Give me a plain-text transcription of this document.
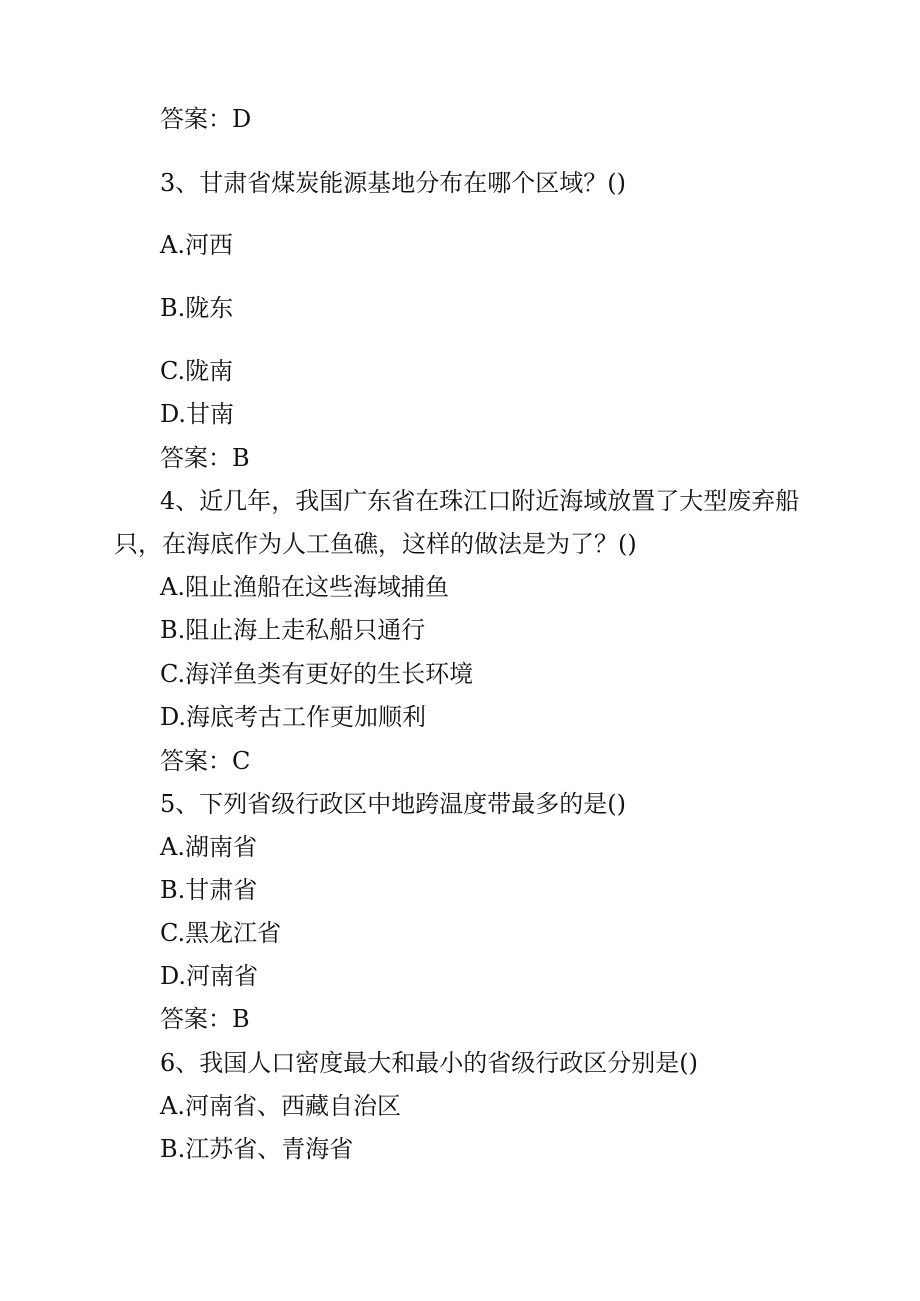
答案：D
3、甘肃省煤炭能源基地分布在哪个区域？()
A.河西
B.陇东
C.陇南
D.甘南
答案：B
4、近几年，我国广东省在珠江口附近海域放置了大型废弃船
只，在海底作为人工鱼礁，这样的做法是为了？()
A.阻止渔船在这些海域捕鱼
B.阻止海上走私船只通行
C.海洋鱼类有更好的生长环境
D.海底考古工作更加顺利
答案：C
5、下列省级行政区中地跨温度带最多的是()
A.湖南省
B.甘肃省
C.黑龙江省
D.河南省
答案：B
6、我国人口密度最大和最小的省级行政区分别是()
A.河南省、西藏自治区
B.江苏省、青海省
